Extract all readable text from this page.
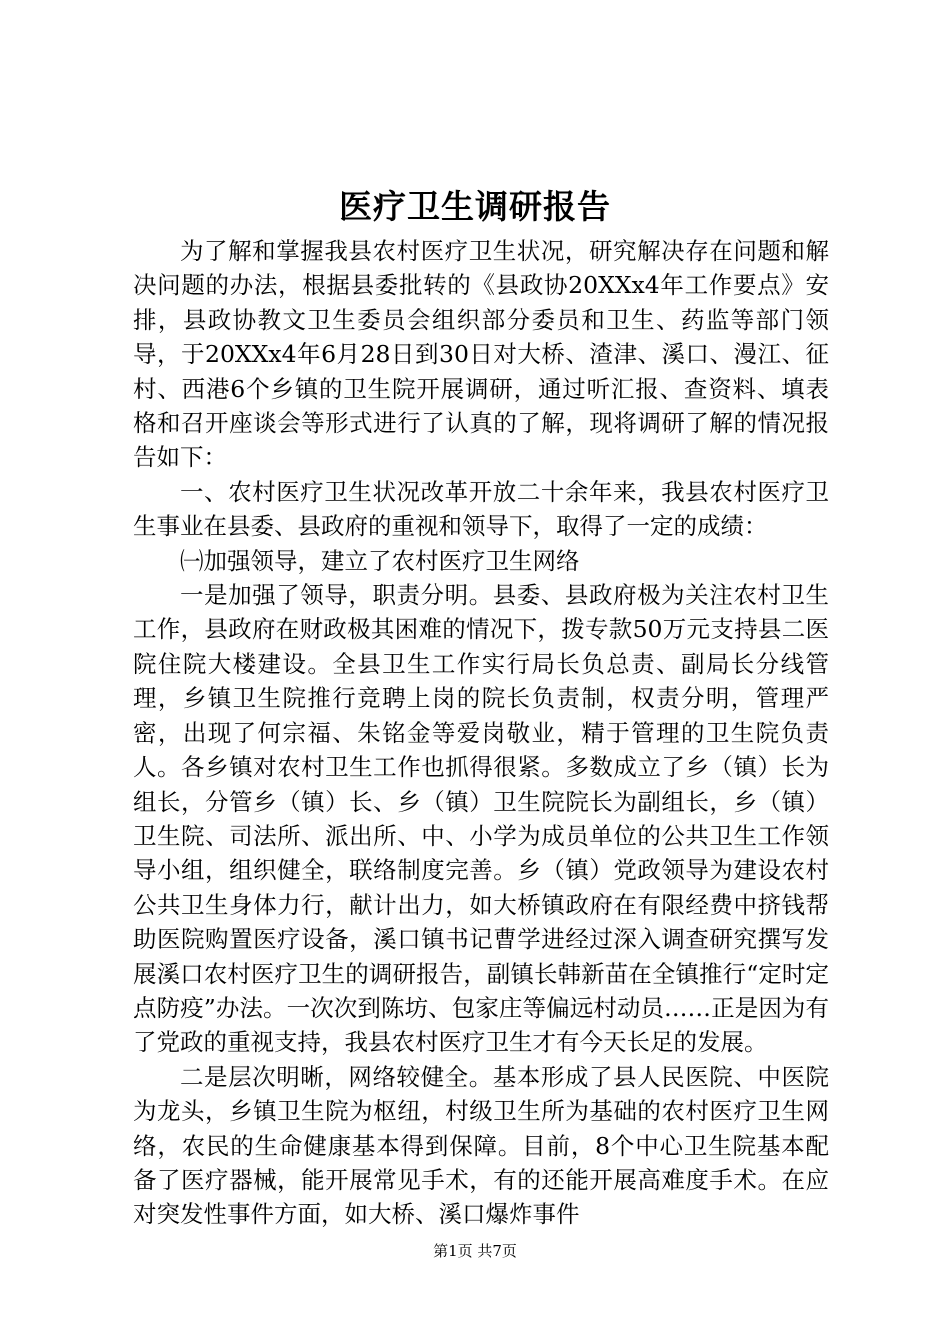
医疗卫生调研报告

为了解和掌握我县农村医疗卫生状况，研究解决存在问题和解决问题的办法，根据县委批转的《县政协20XXx4年工作要点》安排，县政协教文卫生委员会组织部分委员和卫生、药监等部门领导，于20XXx4年6月28日到30日对大桥、渣津、溪口、漫江、征村、西港6个乡镇的卫生院开展调研，通过听汇报、查资料、填表格和召开座谈会等形式进行了认真的了解，现将调研了解的情况报告如下：

一、农村医疗卫生状况改革开放二十余年来，我县农村医疗卫生事业在县委、县政府的重视和领导下，取得了一定的成绩：

㈠加强领导，建立了农村医疗卫生网络

一是加强了领导，职责分明。县委、县政府极为关注农村卫生工作，县政府在财政极其困难的情况下，拨专款50万元支持县二医院住院大楼建设。全县卫生工作实行局长负总责、副局长分线管理，乡镇卫生院推行竞聘上岗的院长负责制，权责分明，管理严密，出现了何宗福、朱铭金等爱岗敬业，精于管理的卫生院负责人。各乡镇对农村卫生工作也抓得很紧。多数成立了乡（镇）长为组长，分管乡（镇）长、乡（镇）卫生院院长为副组长，乡（镇）卫生院、司法所、派出所、中、小学为成员单位的公共卫生工作领导小组，组织健全，联络制度完善。乡（镇）党政领导为建设农村公共卫生身体力行，献计出力，如大桥镇政府在有限经费中挤钱帮助医院购置医疗设备，溪口镇书记曹学进经过深入调查研究撰写发展溪口农村医疗卫生的调研报告，副镇长韩新苗在全镇推行“定时定点防疫”办法。一次次到陈坊、包家庄等偏远村动员……正是因为有了党政的重视支持，我县农村医疗卫生才有今天长足的发展。

二是层次明晰，网络较健全。基本形成了县人民医院、中医院为龙头，乡镇卫生院为枢纽，村级卫生所为基础的农村医疗卫生网络，农民的生命健康基本得到保障。目前，8个中心卫生院基本配备了医疗器械，能开展常见手术，有的还能开展高难度手术。在应对突发性事件方面，如大桥、溪口爆炸事件

第1页 共7页
